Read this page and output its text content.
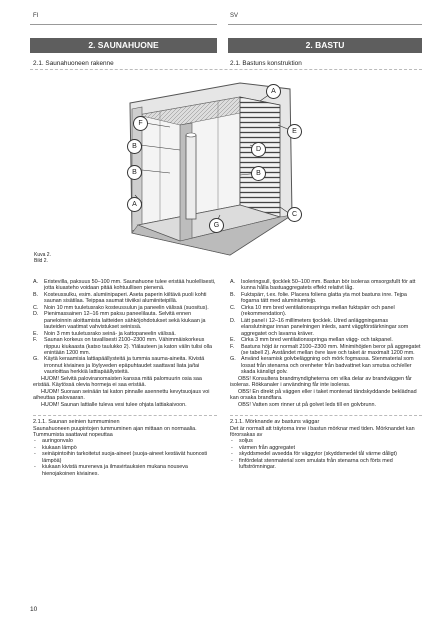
FI	SV
2. SAUNAHUONE	2. BASTU
2.1. Saunahuoneen rakenne	2.1. Bastuns konstruktion
A
F
E
B	D
B	B
A
C
G
Kuva 2.
Bild 2.
A. Eristevilla, paksuus 50–100 mm. Saunahuone tulee eristää huolellisesti, jotta kiuasteho voidaan pitää kohtuullisen pienenä.
B. Kosteussulku, esim. alumiinipaperi. Aseta paperin kiiltävä puoli kohti saunan sisätilaa. Teippaa saumat tiiviiksi alumiiniteipillä.
C. Noin 10 mm tuuletusrako kosteussulun ja paneelin välissä (suositus).
D. Pienimassainen 12–16 mm paksu paneelilauta. Selvitä ennen paneloinnin aloittamista laitteiden sähköjohdotukset sekä kiukaan ja lauteiden vaatimat vahvistukset seinissä.
E. Noin 3 mm tuuletusrako seinä- ja kattopaneelin välissä.
F. Saunan korkeus on tavallisesti 2100–2300 mm. Vähimmäiskorkeus riippuu kiukaasta (katso taulukko 2). Ylälauteen ja katon välin tulisi olla enintään 1200 mm.
G. Käytä keraamisia lattiapäällysteitä ja tummia sauma-aineita. Kivistä irronnut kiviaines ja löylyveden epäpuhtaudet saattavat liata ja/tai vaurioittaa herkkiä lattiapäällysteitä.
HUOM! Selvitä paloviranomaisten kanssa mitä palomuurin osia saa eristää. Käytössä olevia hormeja ei saa eristää.
HUOM! Suoraan seinään tai katon pinnalle asennettu kevytsuojaus voi aiheuttaa palovaaran.
HUOM! Saunan lattialle tuleva vesi tulee ohjata lattiakaivoon.
2.1.1. Saunan seinien tummuminen
Saunahuoneen puupintojen tummuminen ajan mittaan on normaalia. Tummumista saattavat nopeuttaa
- auringonvalo
- kiukaan lämpö
- seinäpintoihin tarkoitetut suoja-aineet (suoja-aineet kestävät huonosti lämpöä)
- kiukaan kivistä mureneva ja ilmavirtauksien mukana nouseva hienojakoinen kiviaines.
A. Isoleringsull, tjocklek 50–100 mm. Bastun bör isoleras omsorgsfullt för att kunna hålla bastuaggregatets effekt relativt låg.
B. Fuktspärr, t.ex. folie. Placera foliens glatta yta mot bastuns inre. Tejpa fogarna tätt med aluminiumtejp.
C. Cirka 10 mm bred ventilationsspringa mellan fuktspärr och panel (rekommendation).
D. Lätt panel i 12–16 millimeters tjocklek. Utred anläggningarnas elanslutningar innan panelningen inleds, samt väggförstärkningar som aggregatet och lavarna kräver.
E. Cirka 3 mm bred ventilationsspringa mellan vägg- och takpanel.
F. Bastuns höjd är normalt 2100–2300 mm. Minimihöjden beror på aggregatet (se tabell 2). Avståndet mellan övre lave och taket är maximalt 1200 mm.
G. Använd keramisk golvbeläggning och mörk fogmassa. Stenmaterial som lossat från stenarna och orenheter från badvattnet kan smutsa och/eller skada känsligt golv.
OBS! Konsultera brandmyndigheterna om vilka delar av brandväggen får isoleras. Rökkanaler i användning får inte isoleras.
OBS! En direkt på väggen eller i taket monterad tändskyddande beklädnad kan orsaka brandfara.
OBS! Vatten som rinner ut på golvet leds till en golvbrunn.
2.1.1. Mörknande av bastuns väggar
Det är normalt att träytorna inne i bastun mörknar med tiden. Mörknandet kan förorsakas av
- soljus
- värmen från aggregatet
- skyddsmedel avsedda för väggytor (skyddsmedel tål värme dåligt)
- finfördelat stenmaterial som smulats från stenarna och förts med luftströmningar.
10
